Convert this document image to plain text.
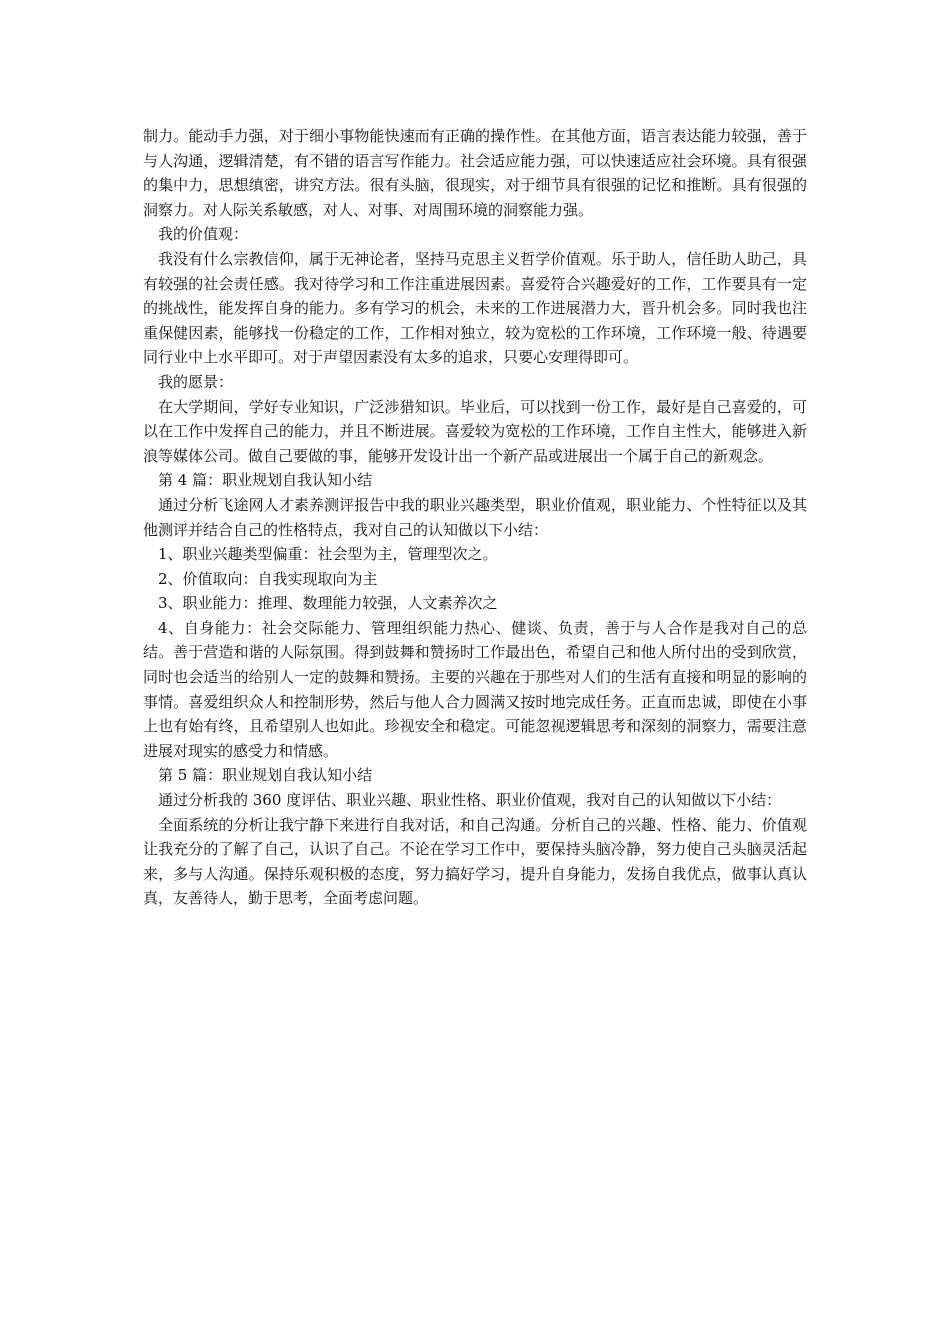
制力。能动手力强，对于细小事物能快速而有正确的操作性。在其他方面，语言表达能力较强，善于与人沟通，逻辑清楚，有不错的语言写作能力。社会适应能力强，可以快速适应社会环境。具有很强的集中力，思想缜密，讲究方法。很有头脑，很现实，对于细节具有很强的记忆和推断。具有很强的洞察力。对人际关系敏感，对人、对事、对周围环境的洞察能力强。

我的价值观：

我没有什么宗教信仰，属于无神论者，坚持马克思主义哲学价值观。乐于助人，信任助人助己，具有较强的社会责任感。我对待学习和工作注重进展因素。喜爱符合兴趣爱好的工作，工作要具有一定的挑战性，能发挥自身的能力。多有学习的机会，未来的工作进展潜力大，晋升机会多。同时我也注重保健因素，能够找一份稳定的工作，工作相对独立，较为宽松的工作环境，工作环境一般、待遇要同行业中上水平即可。对于声望因素没有太多的追求，只要心安理得即可。

我的愿景：

在大学期间，学好专业知识，广泛涉猎知识。毕业后，可以找到一份工作，最好是自己喜爱的，可以在工作中发挥自己的能力，并且不断进展。喜爱较为宽松的工作环境，工作自主性大，能够进入新浪等媒体公司。做自己要做的事，能够开发设计出一个新产品或进展出一个属于自己的新观念。

第 4 篇：职业规划自我认知小结

通过分析飞途网人才素养测评报告中我的职业兴趣类型，职业价值观，职业能力、个性特征以及其他测评并结合自己的性格特点，我对自己的认知做以下小结：

1、职业兴趣类型偏重：社会型为主，管理型次之。

2、价值取向：自我实现取向为主

3、职业能力：推理、数理能力较强，人文素养次之

4、自身能力：社会交际能力、管理组织能力热心、健谈、负责，善于与人合作是我对自己的总结。善于营造和谐的人际氛围。得到鼓舞和赞扬时工作最出色，希望自己和他人所付出的受到欣赏，同时也会适当的给别人一定的鼓舞和赞扬。主要的兴趣在于那些对人们的生活有直接和明显的影响的事情。喜爱组织众人和控制形势，然后与他人合力圆满又按时地完成任务。正直而忠诚，即使在小事上也有始有终，且希望别人也如此。珍视安全和稳定。可能忽视逻辑思考和深刻的洞察力，需要注意进展对现实的感受力和情感。

第 5 篇：职业规划自我认知小结

通过分析我的 360 度评估、职业兴趣、职业性格、职业价值观，我对自己的认知做以下小结：

全面系统的分析让我宁静下来进行自我对话，和自己沟通。分析自己的兴趣、性格、能力、价值观让我充分的了解了自己，认识了自己。不论在学习工作中，要保持头脑冷静，努力使自己头脑灵活起来，多与人沟通。保持乐观积极的态度，努力搞好学习，提升自身能力，发扬自我优点，做事认真认真，友善待人，勤于思考，全面考虑问题。
